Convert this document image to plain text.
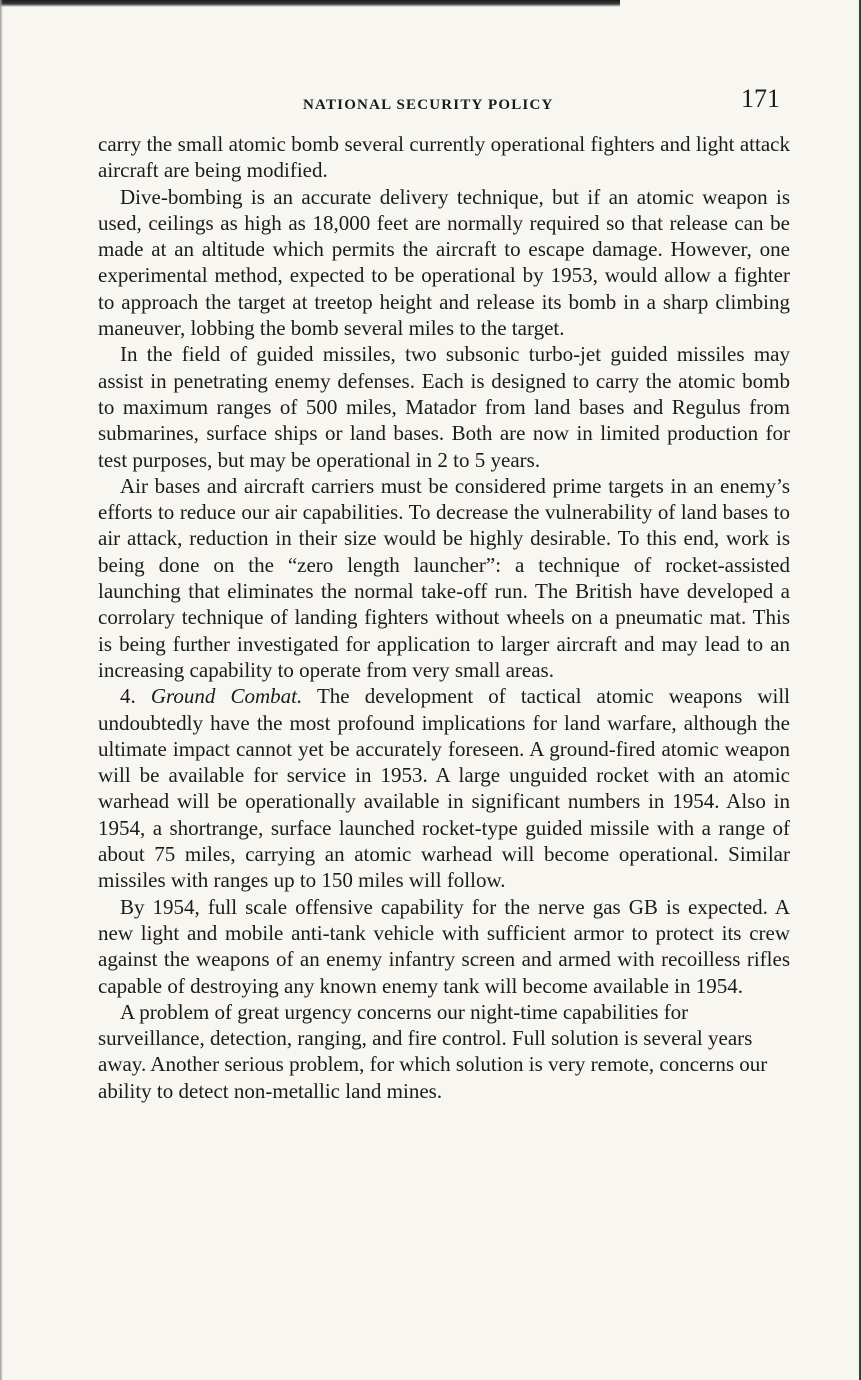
NATIONAL SECURITY POLICY	171

carry the small atomic bomb several currently operational fighters and light attack aircraft are being modified.

Dive-bombing is an accurate delivery technique, but if an atomic weapon is used, ceilings as high as 18,000 feet are normally required so that release can be made at an altitude which permits the aircraft to escape damage. However, one experimental method, expected to be operational by 1953, would allow a fighter to approach the target at treetop height and release its bomb in a sharp climbing maneuver, lobbing the bomb several miles to the target.

In the field of guided missiles, two subsonic turbo-jet guided missiles may assist in penetrating enemy defenses. Each is designed to carry the atomic bomb to maximum ranges of 500 miles, Matador from land bases and Regulus from submarines, surface ships or land bases. Both are now in limited production for test purposes, but may be operational in 2 to 5 years.

Air bases and aircraft carriers must be considered prime targets in an enemy’s efforts to reduce our air capabilities. To decrease the vulnerability of land bases to air attack, reduction in their size would be highly desirable. To this end, work is being done on the “zero length launcher”: a technique of rocket-assisted launching that eliminates the normal take-off run. The British have developed a corrolary technique of landing fighters without wheels on a pneumatic mat. This is being further investigated for application to larger aircraft and may lead to an increasing capability to operate from very small areas.

4. Ground Combat. The development of tactical atomic weapons will undoubtedly have the most profound implications for land warfare, although the ultimate impact cannot yet be accurately foreseen. A ground-fired atomic weapon will be available for service in 1953. A large unguided rocket with an atomic warhead will be operationally available in significant numbers in 1954. Also in 1954, a shortrange, surface launched rocket-type guided missile with a range of about 75 miles, carrying an atomic warhead will become operational. Similar missiles with ranges up to 150 miles will follow.

By 1954, full scale offensive capability for the nerve gas GB is expected. A new light and mobile anti-tank vehicle with sufficient armor to protect its crew against the weapons of an enemy infantry screen and armed with recoilless rifles capable of destroying any known enemy tank will become available in 1954.

A problem of great urgency concerns our night-time capabilities for surveillance, detection, ranging, and fire control. Full solution is several years away. Another serious problem, for which solution is very remote, concerns our ability to detect non-metallic land mines.
